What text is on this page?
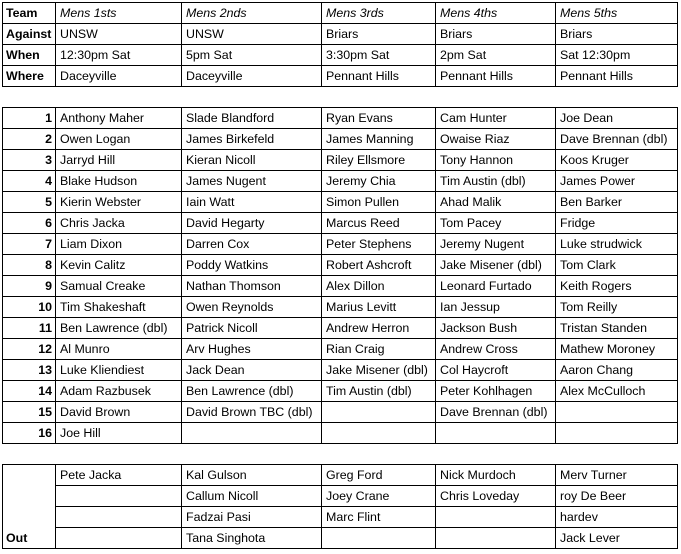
Team	Mens 1sts	Mens 2nds	Mens 3rds	Mens 4ths	Mens 5ths
Against	UNSW	UNSW	Briars	Briars	Briars
When	12:30pm Sat	5pm Sat	3:30pm Sat	2pm Sat	Sat 12:30pm
Where	Daceyville	Daceyville	Pennant Hills	Pennant Hills	Pennant Hills

1	Anthony Maher	Slade Blandford	Ryan Evans	Cam Hunter	Joe Dean
2	Owen Logan	James Birkefeld	James Manning	Owaise Riaz	Dave Brennan (dbl)
3	Jarryd Hill	Kieran Nicoll	Riley Ellsmore	Tony Hannon	Koos Kruger
4	Blake Hudson	James Nugent	Jeremy Chia	Tim Austin (dbl)	James Power
5	Kierin Webster	Iain Watt	Simon Pullen	Ahad Malik	Ben Barker
6	Chris Jacka	David Hegarty	Marcus Reed	Tom Pacey	Fridge
7	Liam Dixon	Darren Cox	Peter Stephens	Jeremy Nugent	Luke strudwick
8	Kevin Calitz	Poddy Watkins	Robert Ashcroft	Jake Misener (dbl)	Tom Clark
9	Samual Creake	Nathan Thomson	Alex Dillon	Leonard Furtado	Keith Rogers
10	Tim Shakeshaft	Owen Reynolds	Marius Levitt	Ian Jessup	Tom Reilly
11	Ben Lawrence (dbl)	Patrick Nicoll	Andrew Herron	Jackson Bush	Tristan Standen
12	Al Munro	Arv Hughes	Rian Craig	Andrew Cross	Mathew Moroney
13	Luke Kliendiest	Jack Dean	Jake Misener (dbl)	Col Haycroft	Aaron Chang
14	Adam Razbusek	Ben Lawrence (dbl)	Tim Austin (dbl)	Peter Kohlhagen	Alex McCulloch
15	David Brown	David Brown TBC (dbl)		Dave Brennan (dbl)	
16	Joe Hill				

	Pete Jacka	Kal Gulson	Greg Ford	Nick Murdoch	Merv Turner
		Callum Nicoll	Joey Crane	Chris Loveday	roy De Beer
		Fadzai Pasi	Marc Flint		hardev
Out		Tana Singhota			Jack Lever
